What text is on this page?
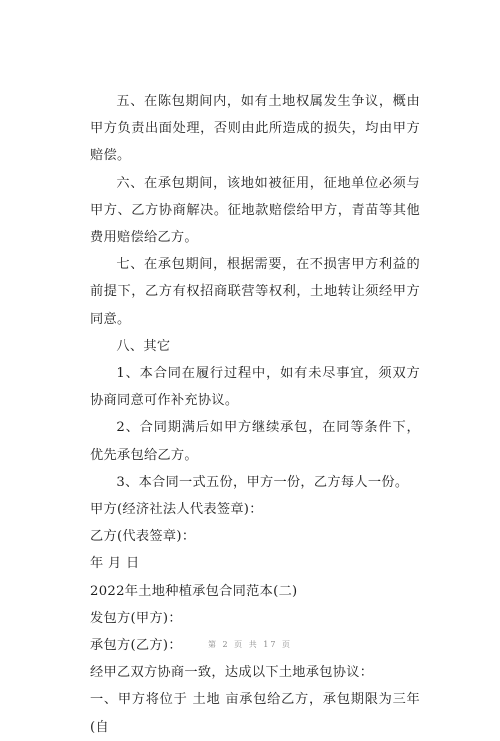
五、在陈包期间内，如有土地权属发生争议，概由甲方负责出面处理，否则由此所造成的损失，均由甲方赔偿。

六、在承包期间，该地如被征用，征地单位必须与甲方、乙方协商解决。征地款赔偿给甲方，青苗等其他费用赔偿给乙方。

七、在承包期间，根据需要，在不损害甲方利益的前提下，乙方有权招商联营等权利，土地转让须经甲方同意。

八、其它

1、本合同在履行过程中，如有未尽事宜，须双方协商同意可作补充协议。

2、合同期满后如甲方继续承包，在同等条件下，优先承包给乙方。

3、本合同一式五份，甲方一份，乙方每人一份。

甲方(经济社法人代表签章)：

乙方(代表签章)：

年 月 日

2022年土地种植承包合同范本(二)

发包方(甲方)：

承包方(乙方)：

经甲乙双方协商一致，达成以下土地承包协议：

一、甲方将位于 土地 亩承包给乙方，承包期限为三年(自

第 2 页 共 17 页
